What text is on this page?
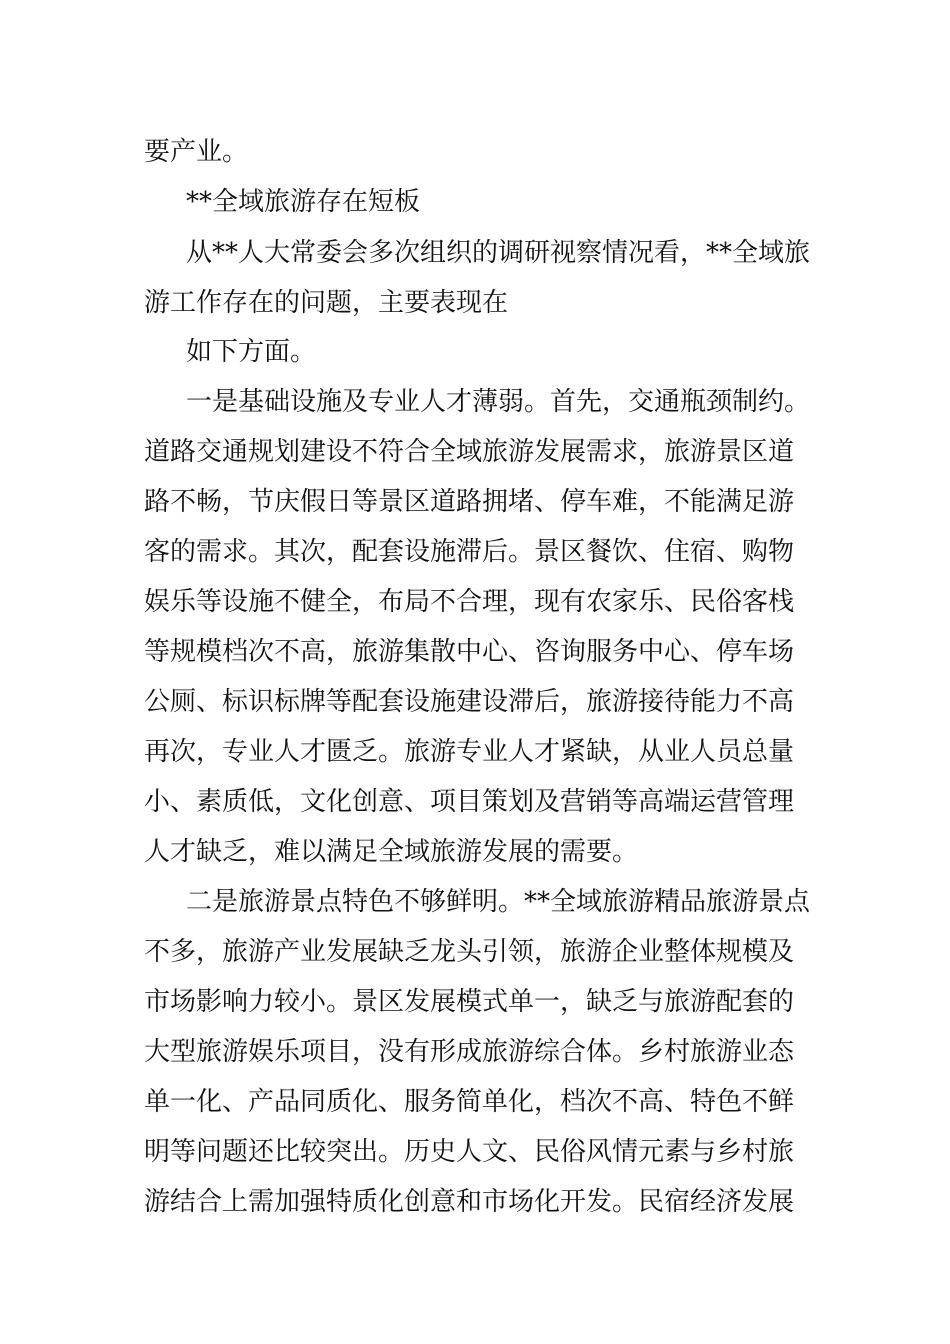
要产业。
**全域旅游存在短板
从**人大常委会多次组织的调研视察情况看，**全域旅
游工作存在的问题，主要表现在
如下方面。
一是基础设施及专业人才薄弱。首先，交通瓶颈制约。
道路交通规划建设不符合全域旅游发展需求，旅游景区道
路不畅，节庆假日等景区道路拥堵、停车难，不能满足游
客的需求。其次，配套设施滞后。景区餐饮、住宿、购物
娱乐等设施不健全，布局不合理，现有农家乐、民俗客栈
等规模档次不高，旅游集散中心、咨询服务中心、停车场
公厕、标识标牌等配套设施建设滞后，旅游接待能力不高
再次，专业人才匮乏。旅游专业人才紧缺，从业人员总量
小、素质低，文化创意、项目策划及营销等高端运营管理
人才缺乏，难以满足全域旅游发展的需要。
二是旅游景点特色不够鲜明。**全域旅游精品旅游景点
不多，旅游产业发展缺乏龙头引领，旅游企业整体规模及
市场影响力较小。景区发展模式单一，缺乏与旅游配套的
大型旅游娱乐项目，没有形成旅游综合体。乡村旅游业态
单一化、产品同质化、服务简单化，档次不高、特色不鲜
明等问题还比较突出。历史人文、民俗风情元素与乡村旅
游结合上需加强特质化创意和市场化开发。民宿经济发展
